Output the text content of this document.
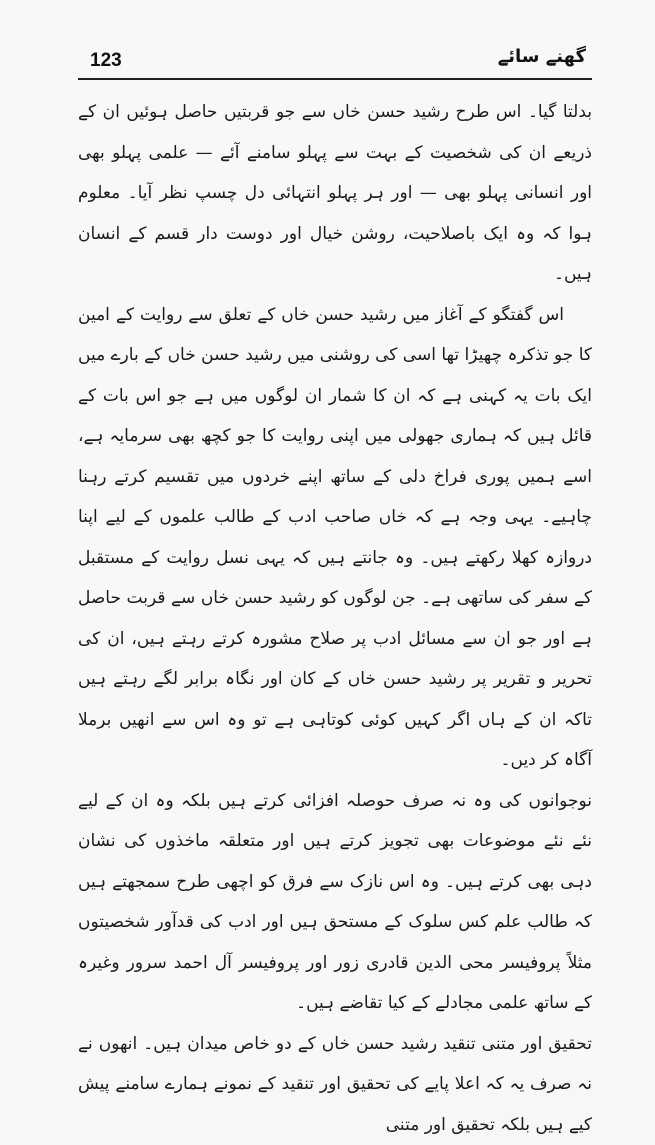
123	گھنے سائے

بدلتا گیا۔ اس طرح رشید حسن خاں سے جو قربتیں حاصل ہوئیں ان کے ذریعے ان کی شخصیت کے بہت سے پہلو سامنے آئے — علمی پہلو بھی اور انسانی پہلو بھی — اور ہر پہلو انتہائی دل چسپ نظر آیا۔ معلوم ہوا کہ وہ ایک باصلاحیت، روشن خیال اور دوست دار قسم کے انسان ہیں۔

اس گفتگو کے آغاز میں رشید حسن خاں کے تعلق سے روایت کے امین کا جو تذکرہ چھیڑا تھا اسی کی روشنی میں رشید حسن خاں کے بارے میں ایک بات یہ کہنی ہے کہ ان کا شمار ان لوگوں میں ہے جو اس بات کے قائل ہیں کہ ہماری جھولی میں اپنی روایت کا جو کچھ بھی سرمایہ ہے، اسے ہمیں پوری فراخ دلی کے ساتھ اپنے خردوں میں تقسیم کرتے رہنا چاہیے۔ یہی وجہ ہے کہ خاں صاحب ادب کے طالب علموں کے لیے اپنا دروازہ کھلا رکھتے ہیں۔ وہ جانتے ہیں کہ یہی نسل روایت کے مستقبل کے سفر کی ساتھی ہے۔ جن لوگوں کو رشید حسن خاں سے قربت حاصل ہے اور جو ان سے مسائل ادب پر صلاح مشورہ کرتے رہتے ہیں، ان کی تحریر و تقریر پر رشید حسن خاں کے کان اور نگاہ برابر لگے رہتے ہیں تاکہ ان کے ہاں اگر کہیں کوئی کوتاہی ہے تو وہ اس سے انھیں برملا آگاہ کر دیں۔

نوجوانوں کی وہ نہ صرف حوصلہ افزائی کرتے ہیں بلکہ وہ ان کے لیے نئے نئے موضوعات بھی تجویز کرتے ہیں اور متعلقہ ماخذوں کی نشان دہی بھی کرتے ہیں۔ وہ اس نازک سے فرق کو اچھی طرح سمجھتے ہیں کہ طالب علم کس سلوک کے مستحق ہیں اور ادب کی قدآور شخصیتوں مثلاً پروفیسر محی الدین قادری زور اور پروفیسر آل احمد سرور وغیرہ کے ساتھ علمی مجادلے کے کیا تقاضے ہیں۔

تحقیق اور متنی تنقید رشید حسن خاں کے دو خاص میدان ہیں۔ انھوں نے نہ صرف یہ کہ اعلا پایے کی تحقیق اور تنقید کے نمونے ہمارے سامنے پیش کیے ہیں بلکہ تحقیق اور متنی
